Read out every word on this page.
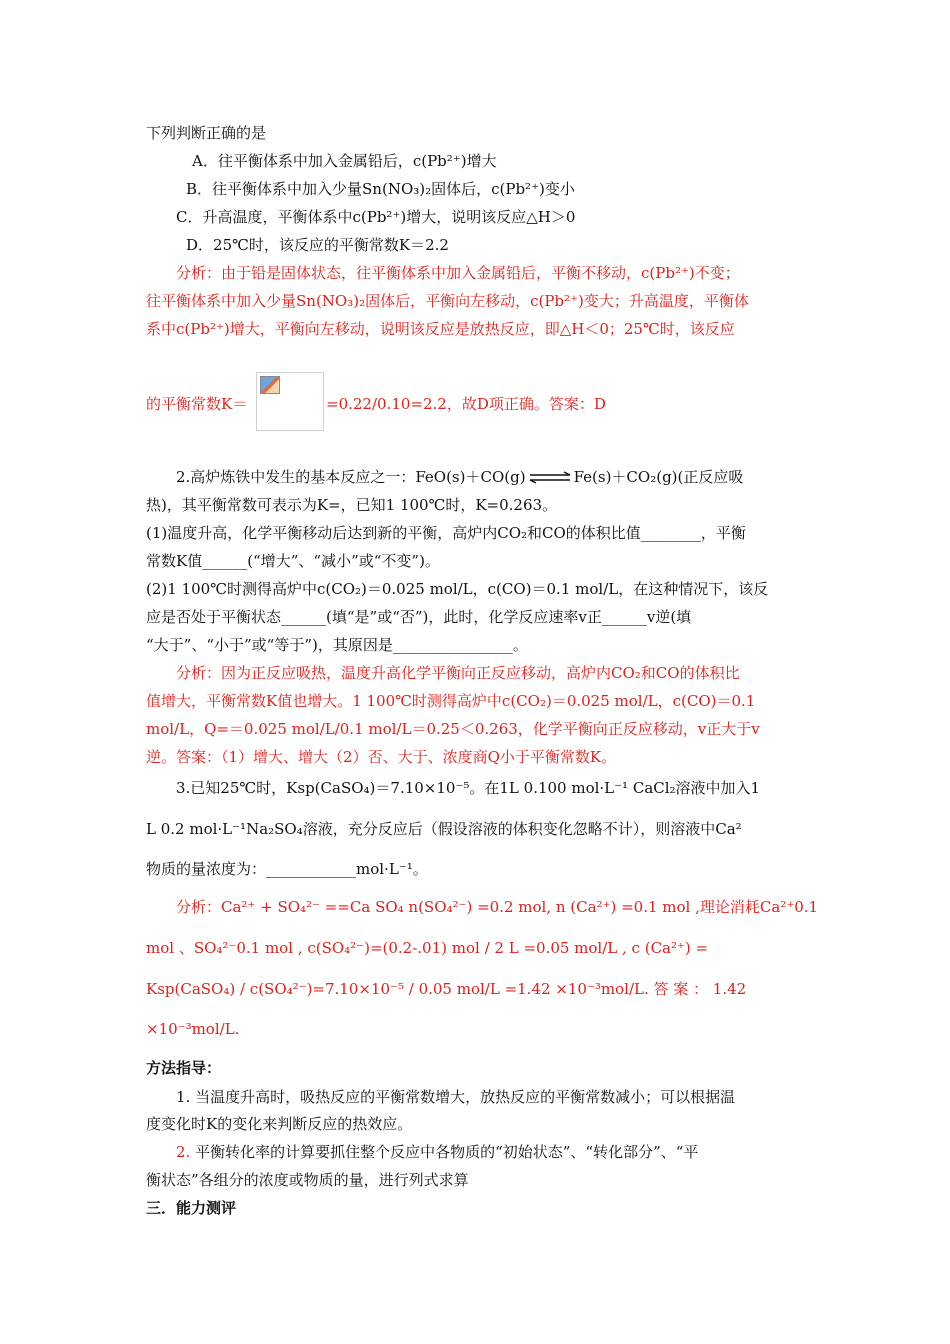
下列判断正确的是
A．往平衡体系中加入金属铅后，c(Pb²⁺)增大
B．往平衡体系中加入少量Sn(NO₃)₂固体后，c(Pb²⁺)变小
C．升高温度，平衡体系中c(Pb²⁺)增大，说明该反应△H＞0
D．25℃时，该反应的平衡常数K＝2.2
分析：由于铅是固体状态，往平衡体系中加入金属铅后，平衡不移动，c(Pb²⁺)不变；
往平衡体系中加入少量Sn(NO₃)₂固体后，平衡向左移动，c(Pb²⁺)变大；升高温度，平衡体
系中c(Pb²⁺)增大，平衡向左移动，说明该反应是放热反应，即△H＜0；25℃时，该反应
的平衡常数K＝	=0.22/0.10=2.2，故D项正确。答案：D
2.高炉炼铁中发生的基本反应之一：FeO(s)＋CO(g) ⇌ Fe(s)＋CO₂(g)(正反应吸
热)，其平衡常数可表示为K=，已知1 100℃时，K=0.263。
(1)温度升高，化学平衡移动后达到新的平衡，高炉内CO₂和CO的体积比值________，平衡
常数K值______(“增大”、“减小”或“不变”)。
(2)1 100℃时测得高炉中c(CO₂)＝0.025 mol/L，c(CO)＝0.1 mol/L，在这种情况下，该反
应是否处于平衡状态______(填“是”或“否”)，此时，化学反应速率v正______v逆(填
“大于”、“小于”或“等于”)，其原因是________________。
分析：因为正反应吸热，温度升高化学平衡向正反应移动，高炉内CO₂和CO的体积比
值增大，平衡常数K值也增大。1 100℃时测得高炉中c(CO₂)＝0.025 mol/L，c(CO)＝0.1
mol/L，Q=＝0.025 mol/L/0.1 mol/L＝0.25＜0.263，化学平衡向正反应移动，v正大于v
逆。答案：（1）增大、增大（2）否、大于、浓度商Q小于平衡常数K。
3.已知25℃时，Ksp(CaSO₄)＝7.10×10⁻⁵。在1L 0.100 mol·L⁻¹ CaCl₂溶液中加入1
L 0.2 mol·L⁻¹Na₂SO₄溶液，充分反应后（假设溶液的体积变化忽略不计），则溶液中Ca²
物质的量浓度为：____________mol·L⁻¹。
分析：Ca²⁺ + SO₄²⁻ ==Ca SO₄ n(SO₄²⁻) =0.2 mol, n (Ca²⁺) =0.1 mol ,理论消耗Ca²⁺0.1
mol 、SO₄²⁻0.1 mol , c(SO₄²⁻)=(0.2-.01) mol / 2 L =0.05 mol/L , c (Ca²⁺) =
Ksp(CaSO₄) / c(SO₄²⁻)=7.10×10⁻⁵ / 0.05 mol/L =1.42 ×10⁻³mol/L. 答 案 ： 1.42
×10⁻³mol/L.
方法指导：
1. 当温度升高时，吸热反应的平衡常数增大，放热反应的平衡常数减小；可以根据温
度变化时K的变化来判断反应的热效应。
2. 平衡转化率的计算要抓住整个反应中各物质的“初始状态”、“转化部分”、“平
衡状态”各组分的浓度或物质的量，进行列式求算
三．能力测评
